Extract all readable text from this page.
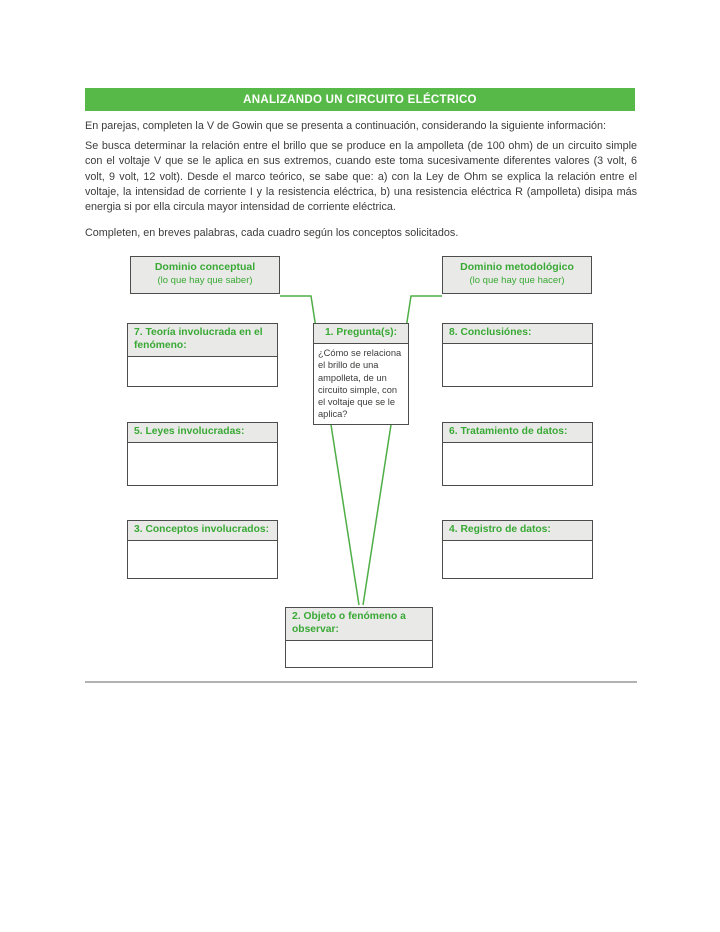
ANALIZANDO UN CIRCUITO ELÉCTRICO

En parejas, completen la V de Gowin que se presenta a continuación, considerando la siguiente información:

Se busca determinar la relación entre el brillo que se produce en la ampolleta (de 100 ohm) de un circuito simple con el voltaje V que se le aplica en sus extremos, cuando este toma sucesivamente diferentes valores (3 volt, 6 volt, 9 volt, 12 volt). Desde el marco teórico, se sabe que: a) con la Ley de Ohm se explica la relación entre el voltaje, la intensidad de corriente I y la resistencia eléctrica, b) una resistencia eléctrica R (ampolleta) disipa más energia si por ella circula mayor intensidad de corriente eléctrica.

Completen, en breves palabras, cada cuadro según los conceptos solicitados.

Dominio conceptual
(lo que hay que saber)
Dominio metodológico
(lo que hay que hacer)
7. Teoría involucrada en el fenómeno:
1. Pregunta(s):
¿Cómo se relaciona el brillo de una ampolleta, de un circuito simple, con el voltaje que se le aplica?
8. Conclusiónes:
5. Leyes involucradas:	6. Tratamiento de datos:
3. Conceptos involucrados:	4. Registro de datos:
2. Objeto o fenómeno a observar:
